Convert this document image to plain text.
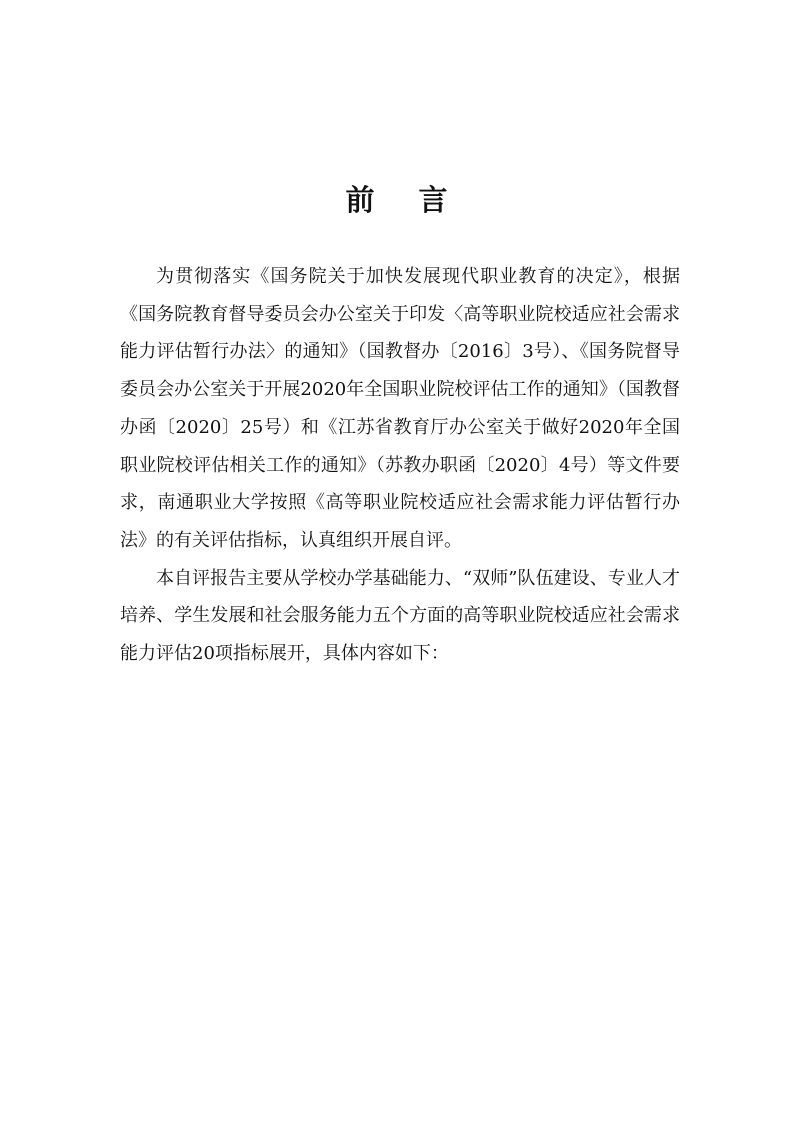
前 言

为贯彻落实《国务院关于加快发展现代职业教育的决定》，根据《国务院教育督导委员会办公室关于印发〈高等职业院校适应社会需求能力评估暂行办法〉的通知》（国教督办〔2016〕3号）、《国务院督导委员会办公室关于开展2020年全国职业院校评估工作的通知》（国教督办函〔2020〕25号）和《江苏省教育厅办公室关于做好2020年全国职业院校评估相关工作的通知》（苏教办职函〔2020〕4号）等文件要求，南通职业大学按照《高等职业院校适应社会需求能力评估暂行办法》的有关评估指标，认真组织开展自评。

本自评报告主要从学校办学基础能力、“双师”队伍建设、专业人才培养、学生发展和社会服务能力五个方面的高等职业院校适应社会需求能力评估20项指标展开，具体内容如下：
